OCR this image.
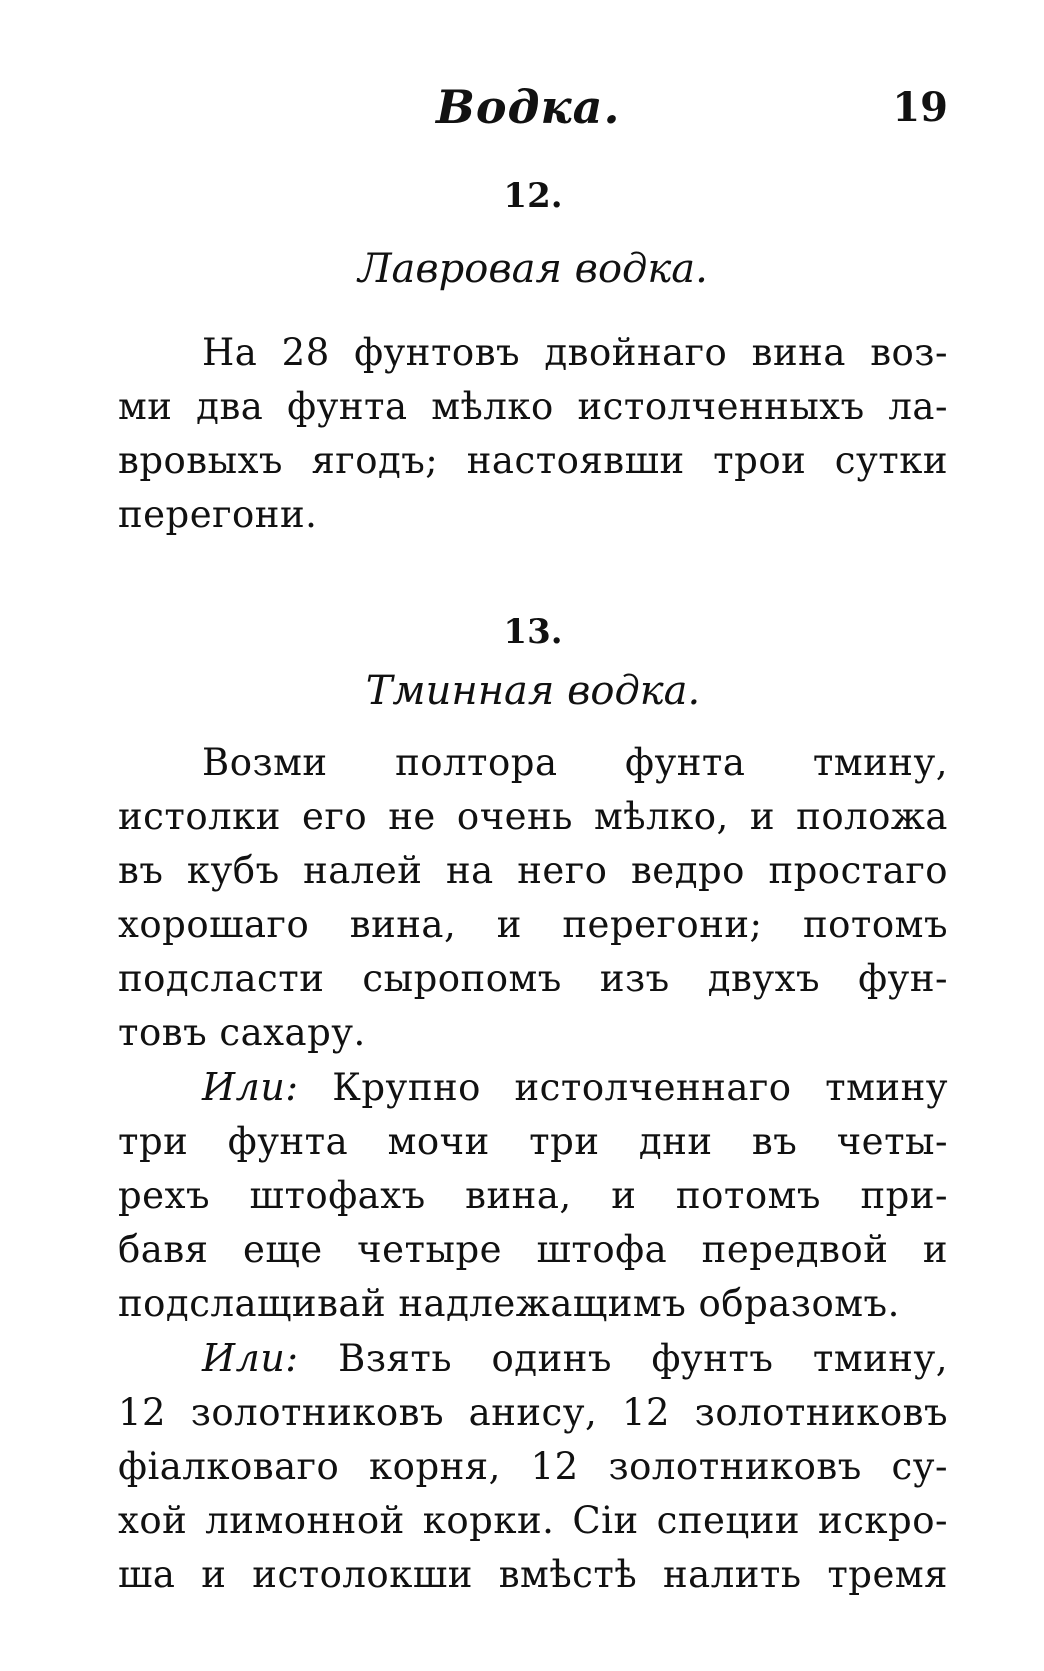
Водка.	19
12.
Лавровая водка.
На 28 фунтовъ двойнаго вина воз-
ми два фунта мѣлко истолченныхъ ла-
вровыхъ ягодъ; настоявши трои сутки
перегони.
13.
Тминная водка.
Возми полтора фунта тмину,
истолки его не очень мѣлко, и положа
въ кубъ налей на него ведро простаго
хорошаго вина, и перегони; потомъ
подсласти сыропомъ изъ двухъ фун-
товъ сахару.
Или: Крупно истолченнаго тмину
три фунта мочи три дни въ четы-
рехъ штофахъ вина, и потомъ при-
бавя еще четыре штофа передвой и
подслащивай надлежащимъ образомъ.
Или: Взять одинъ фунтъ тмину,
12 золотниковъ анису, 12 золотниковъ
фіалковаго корня, 12 золотниковъ су-
хой лимонной корки. Сіи специи искро-
ша и истолокши вмѣстѣ налить тремя
